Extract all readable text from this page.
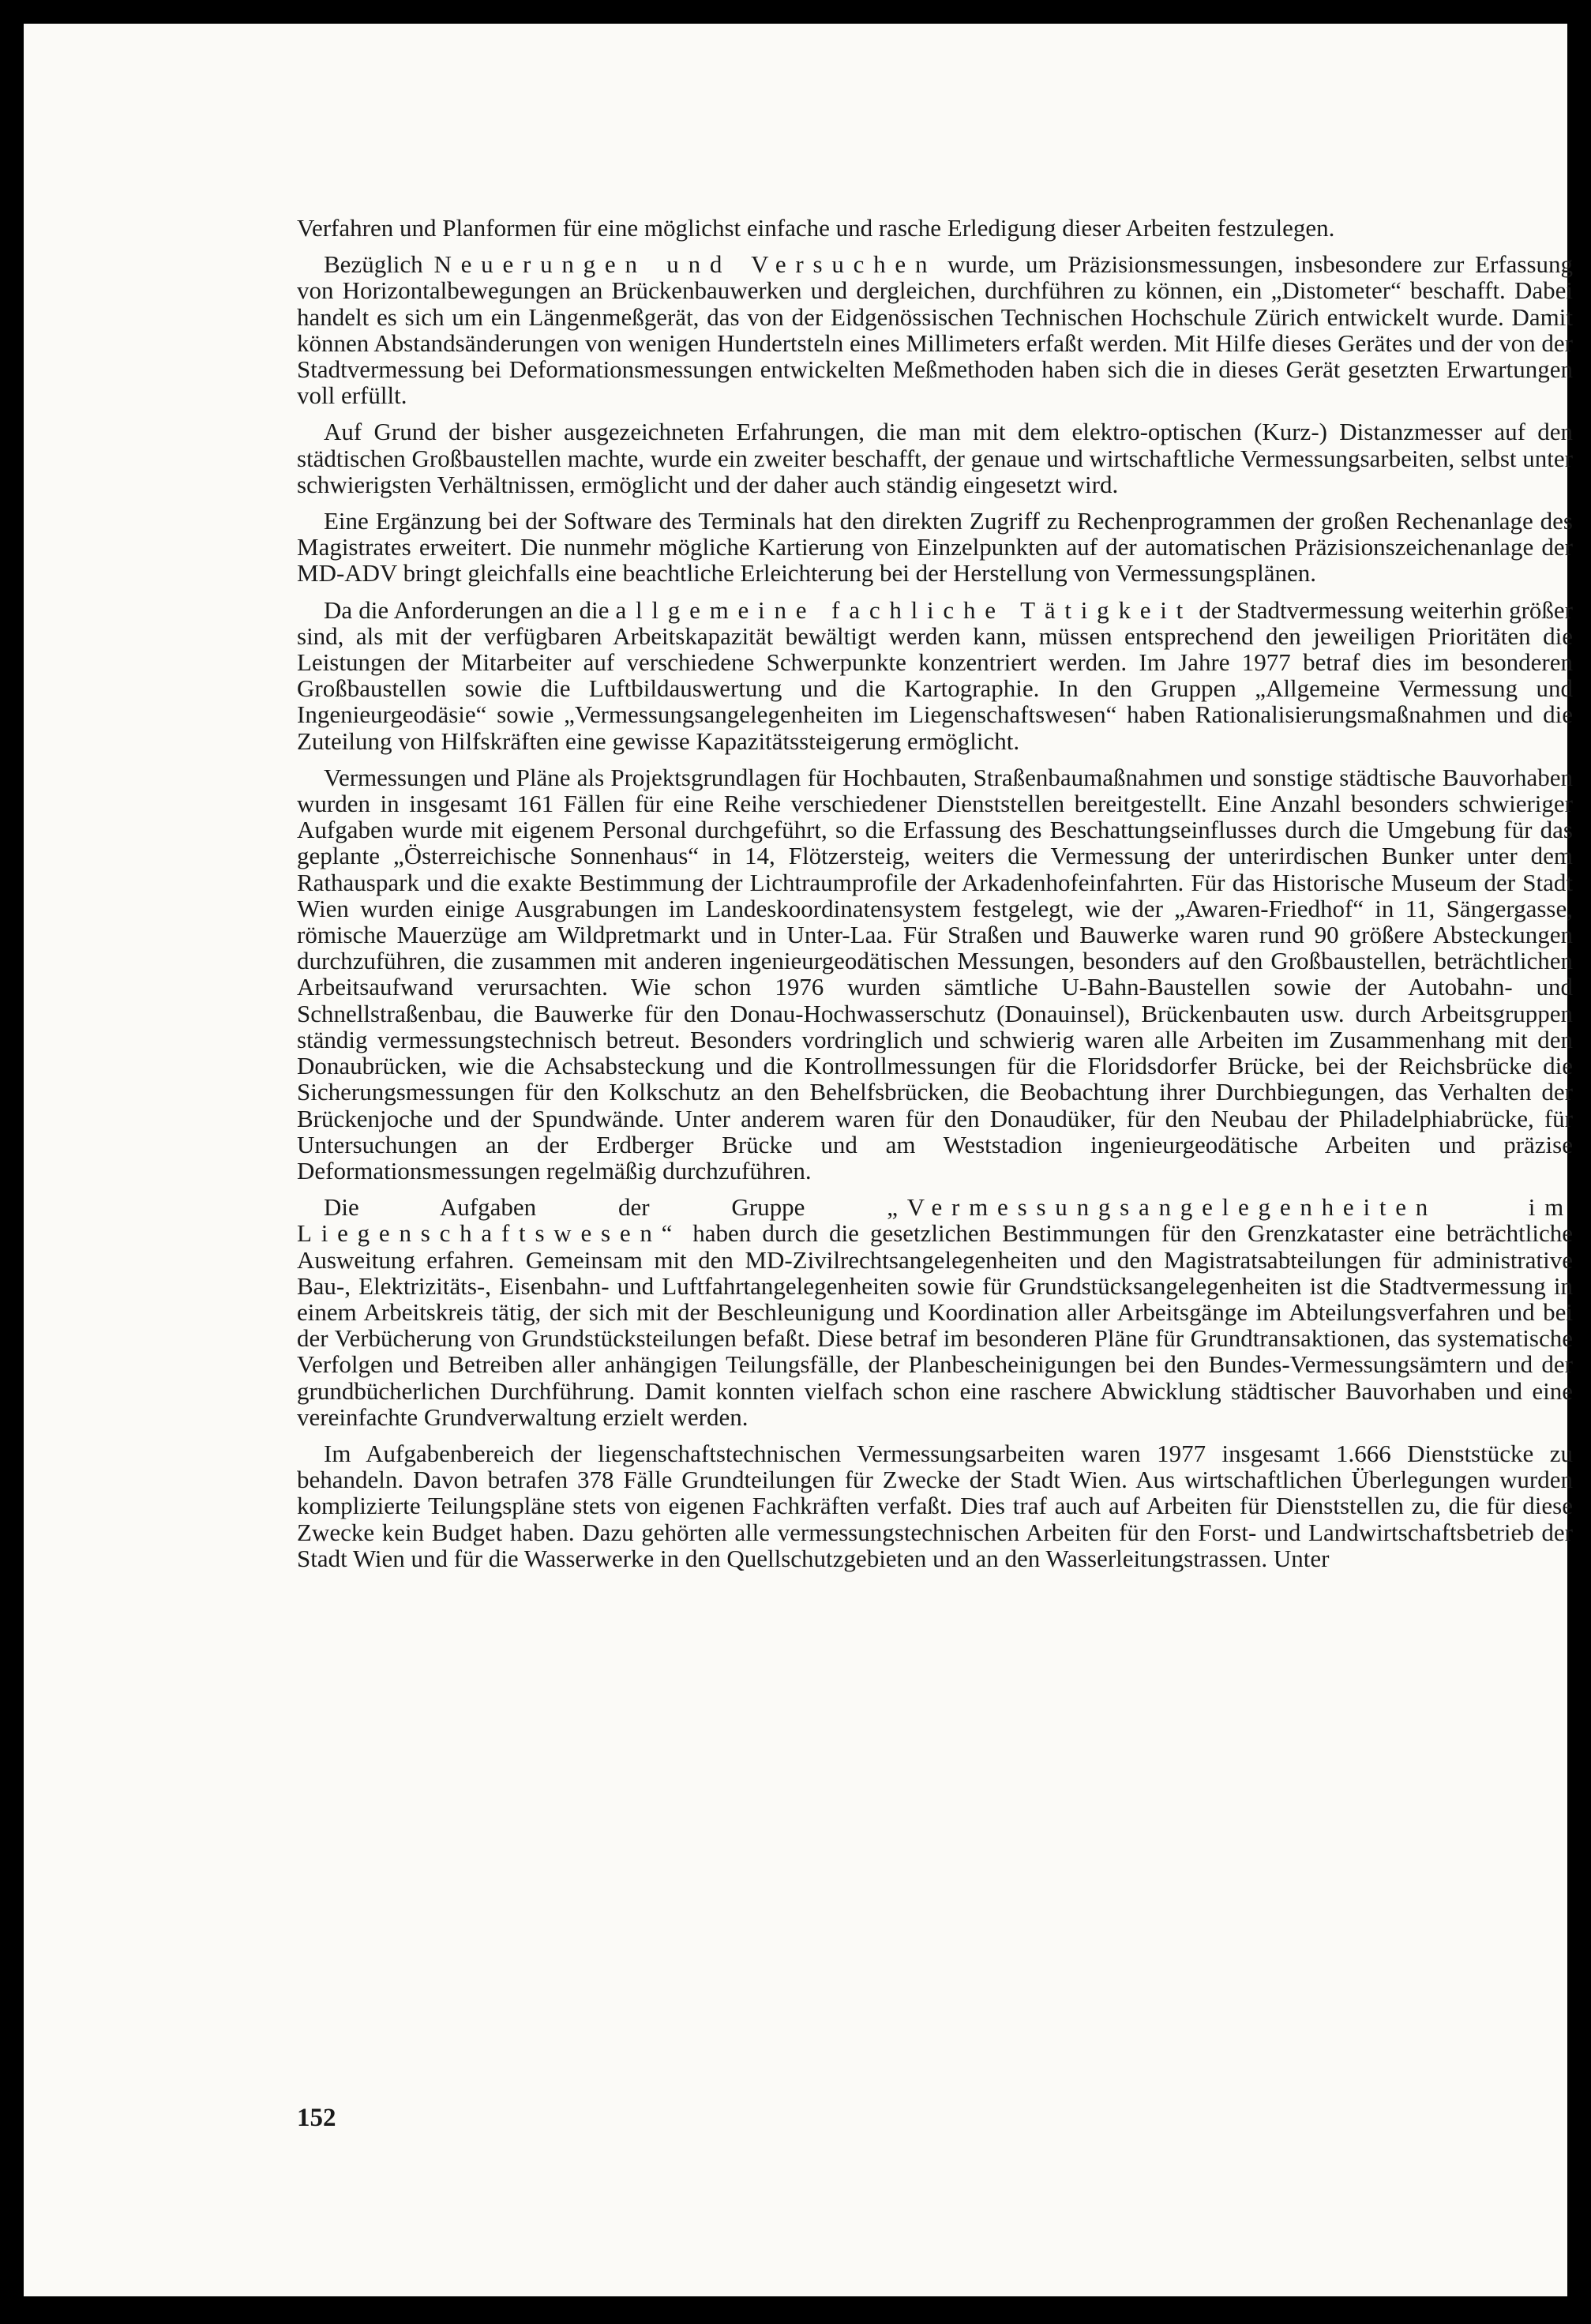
Verfahren und Planformen für eine möglichst einfache und rasche Erledigung dieser Arbeiten festzulegen.

Bezüglich Neuerungen und Versuchen wurde, um Präzisionsmessungen, insbesondere zur Erfassung von Horizontalbewegungen an Brückenbauwerken und dergleichen, durchführen zu können, ein „Distometer“ beschafft. Dabei handelt es sich um ein Längenmeßgerät, das von der Eidgenössischen Technischen Hochschule Zürich entwickelt wurde. Damit können Abstandsänderungen von wenigen Hundertsteln eines Millimeters erfaßt werden. Mit Hilfe dieses Gerätes und der von der Stadtvermessung bei Deformationsmessungen entwickelten Meßmethoden haben sich die in dieses Gerät gesetzten Erwartungen voll erfüllt.

Auf Grund der bisher ausgezeichneten Erfahrungen, die man mit dem elektro-optischen (Kurz-) Distanzmesser auf den städtischen Großbaustellen machte, wurde ein zweiter beschafft, der genaue und wirtschaftliche Vermessungsarbeiten, selbst unter schwierigsten Verhältnissen, ermöglicht und der daher auch ständig eingesetzt wird.

Eine Ergänzung bei der Software des Terminals hat den direkten Zugriff zu Rechenprogrammen der großen Rechenanlage des Magistrates erweitert. Die nunmehr mögliche Kartierung von Einzelpunkten auf der automatischen Präzisionszeichenanlage der MD-ADV bringt gleichfalls eine beachtliche Erleichterung bei der Herstellung von Vermessungsplänen.

Da die Anforderungen an die allgemeine fachliche Tätigkeit der Stadtvermessung weiterhin größer sind, als mit der verfügbaren Arbeitskapazität bewältigt werden kann, müssen entsprechend den jeweiligen Prioritäten die Leistungen der Mitarbeiter auf verschiedene Schwerpunkte konzentriert werden. Im Jahre 1977 betraf dies im besonderen Großbaustellen sowie die Luftbildauswertung und die Kartographie. In den Gruppen „Allgemeine Vermessung und Ingenieurgeodäsie“ sowie „Vermessungsangelegenheiten im Liegenschaftswesen“ haben Rationalisierungsmaßnahmen und die Zuteilung von Hilfskräften eine gewisse Kapazitätssteigerung ermöglicht.

Vermessungen und Pläne als Projektsgrundlagen für Hochbauten, Straßenbaumaßnahmen und sonstige städtische Bauvorhaben wurden in insgesamt 161 Fällen für eine Reihe verschiedener Dienststellen bereitgestellt. Eine Anzahl besonders schwieriger Aufgaben wurde mit eigenem Personal durchgeführt, so die Erfassung des Beschattungseinflusses durch die Umgebung für das geplante „Österreichische Sonnenhaus“ in 14, Flötzersteig, weiters die Vermessung der unterirdischen Bunker unter dem Rathauspark und die exakte Bestimmung der Lichtraumprofile der Arkadenhofeinfahrten. Für das Historische Museum der Stadt Wien wurden einige Ausgrabungen im Landeskoordinatensystem festgelegt, wie der „Awaren-Friedhof“ in 11, Sängergasse, römische Mauerzüge am Wildpretmarkt und in Unter-Laa. Für Straßen und Bauwerke waren rund 90 größere Absteckungen durchzuführen, die zusammen mit anderen ingenieurgeodätischen Messungen, besonders auf den Großbaustellen, beträchtlichen Arbeitsaufwand verursachten. Wie schon 1976 wurden sämtliche U-Bahn-Baustellen sowie der Autobahn- und Schnellstraßenbau, die Bauwerke für den Donau-Hochwasserschutz (Donauinsel), Brückenbauten usw. durch Arbeitsgruppen ständig vermessungstechnisch betreut. Besonders vordringlich und schwierig waren alle Arbeiten im Zusammenhang mit den Donaubrücken, wie die Achsabsteckung und die Kontrollmessungen für die Floridsdorfer Brücke, bei der Reichsbrücke die Sicherungsmessungen für den Kolkschutz an den Behelfsbrücken, die Beobachtung ihrer Durchbiegungen, das Verhalten der Brückenjoche und der Spundwände. Unter anderem waren für den Donaudüker, für den Neubau der Philadelphiabrücke, für Untersuchungen an der Erdberger Brücke und am Weststadion ingenieurgeodätische Arbeiten und präzise Deformationsmessungen regelmäßig durchzuführen.

Die Aufgaben der Gruppe „Vermessungsangelegenheiten im Liegenschaftswesen“ haben durch die gesetzlichen Bestimmungen für den Grenzkataster eine beträchtliche Ausweitung erfahren. Gemeinsam mit den MD-Zivilrechtsangelegenheiten und den Magistratsabteilungen für administrative Bau-, Elektrizitäts-, Eisenbahn- und Luftfahrtangelegenheiten sowie für Grundstücksangelegenheiten ist die Stadtvermessung in einem Arbeitskreis tätig, der sich mit der Beschleunigung und Koordination aller Arbeitsgänge im Abteilungsverfahren und bei der Verbücherung von Grundstücksteilungen befaßt. Diese betraf im besonderen Pläne für Grundtransaktionen, das systematische Verfolgen und Betreiben aller anhängigen Teilungsfälle, der Planbescheinigungen bei den Bundes-Vermessungsämtern und der grundbücherlichen Durchführung. Damit konnten vielfach schon eine raschere Abwicklung städtischer Bauvorhaben und eine vereinfachte Grundverwaltung erzielt werden.

Im Aufgabenbereich der liegenschaftstechnischen Vermessungsarbeiten waren 1977 insgesamt 1.666 Dienststücke zu behandeln. Davon betrafen 378 Fälle Grundteilungen für Zwecke der Stadt Wien. Aus wirtschaftlichen Überlegungen wurden komplizierte Teilungspläne stets von eigenen Fachkräften verfaßt. Dies traf auch auf Arbeiten für Dienststellen zu, die für diese Zwecke kein Budget haben. Dazu gehörten alle vermessungstechnischen Arbeiten für den Forst- und Landwirtschaftsbetrieb der Stadt Wien und für die Wasserwerke in den Quellschutzgebieten und an den Wasserleitungstrassen. Unter

152
